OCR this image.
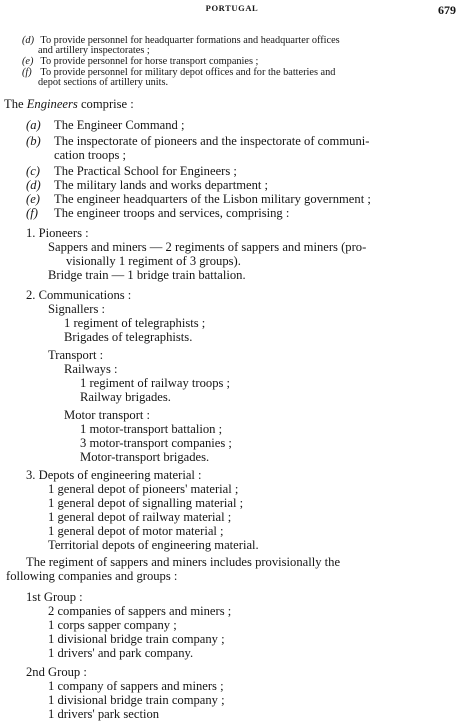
PORTUGAL	679
(d) To provide personnel for headquarter formations and headquarter offices
and artillery inspectorates ;
(e) To provide personnel for horse transport companies ;
(f) To provide personnel for military depot offices and for the batteries and
depot sections of artillery units.
The Engineers comprise :
(a) The Engineer Command ;
(b) The inspectorate of pioneers and the inspectorate of communi-
cation troops ;
(c) The Practical School for Engineers ;
(d) The military lands and works department ;
(e) The engineer headquarters of the Lisbon military government ;
(f) The engineer troops and services, comprising :
1. Pioneers :
Sappers and miners — 2 regiments of sappers and miners (pro-
visionally 1 regiment of 3 groups).
Bridge train — 1 bridge train battalion.
2. Communications :
Signallers :
1 regiment of telegraphists ;
Brigades of telegraphists.
Transport :
Railways :
1 regiment of railway troops ;
Railway brigades.
Motor transport :
1 motor-transport battalion ;
3 motor-transport companies ;
Motor-transport brigades.
3. Depots of engineering material :
1 general depot of pioneers' material ;
1 general depot of signalling material ;
1 general depot of railway material ;
1 general depot of motor material ;
Territorial depots of engineering material.
The regiment of sappers and miners includes provisionally the
following companies and groups :
1st Group :
2 companies of sappers and miners ;
1 corps sapper company ;
1 divisional bridge train company ;
1 drivers' and park company.
2nd Group :
1 company of sappers and miners ;
1 divisional bridge train company ;
1 drivers' park section
